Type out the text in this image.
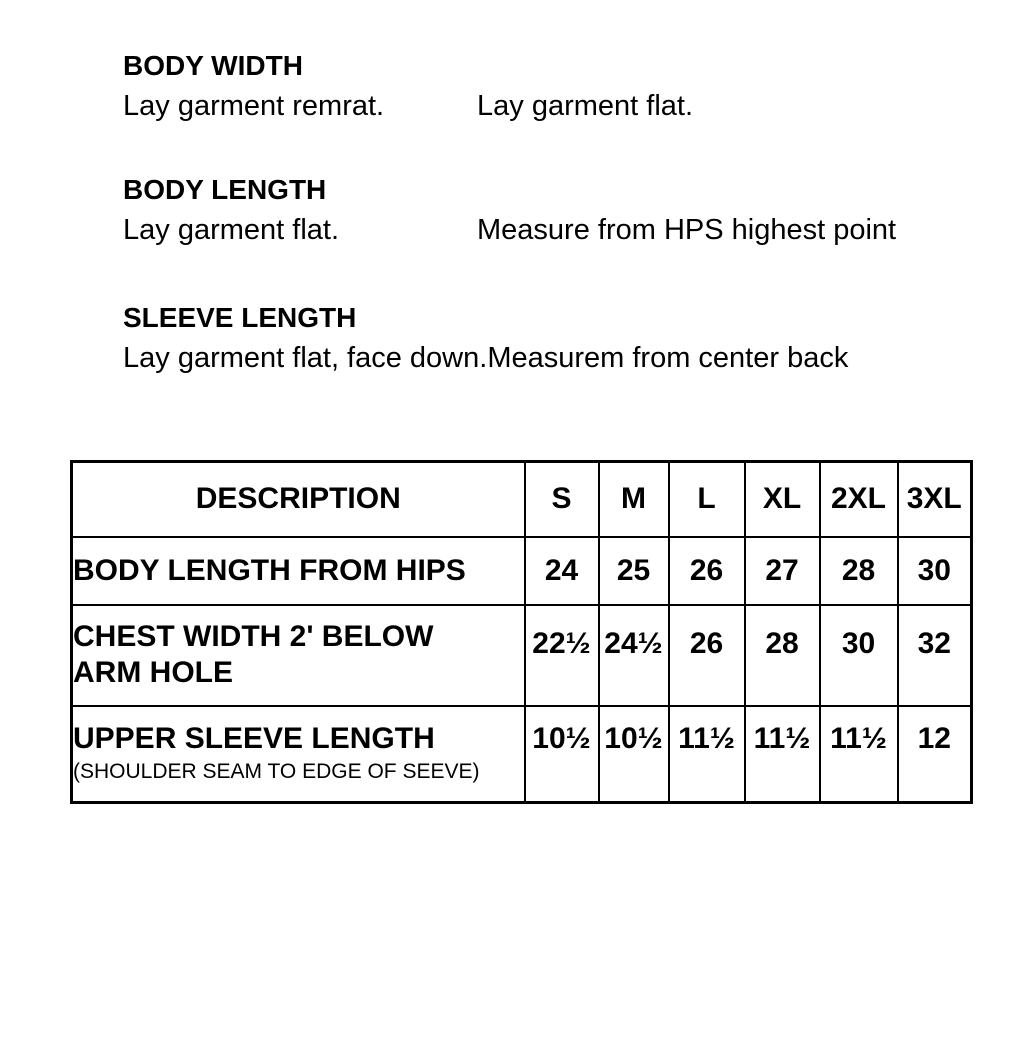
BODY WIDTH
Lay garment remrat.	Lay garment flat.
BODY LENGTH
Lay garment flat.	Measure from HPS highest point
SLEEVE LENGTH
Lay garment flat, face down.Measurem from center back
DESCRIPTION	S	M	L	XL	2XL	3XL

BODY LENGTH FROM HIPS	24	25	26	27	28	30

CHEST WIDTH 2' BELOW
ARM HOLE	22½	24½	26	28	30	32

UPPER SLEEVE LENGTH
(SHOULDER SEAM TO EDGE OF SEEVE)	10½	10½	11½	11½	11½	12
